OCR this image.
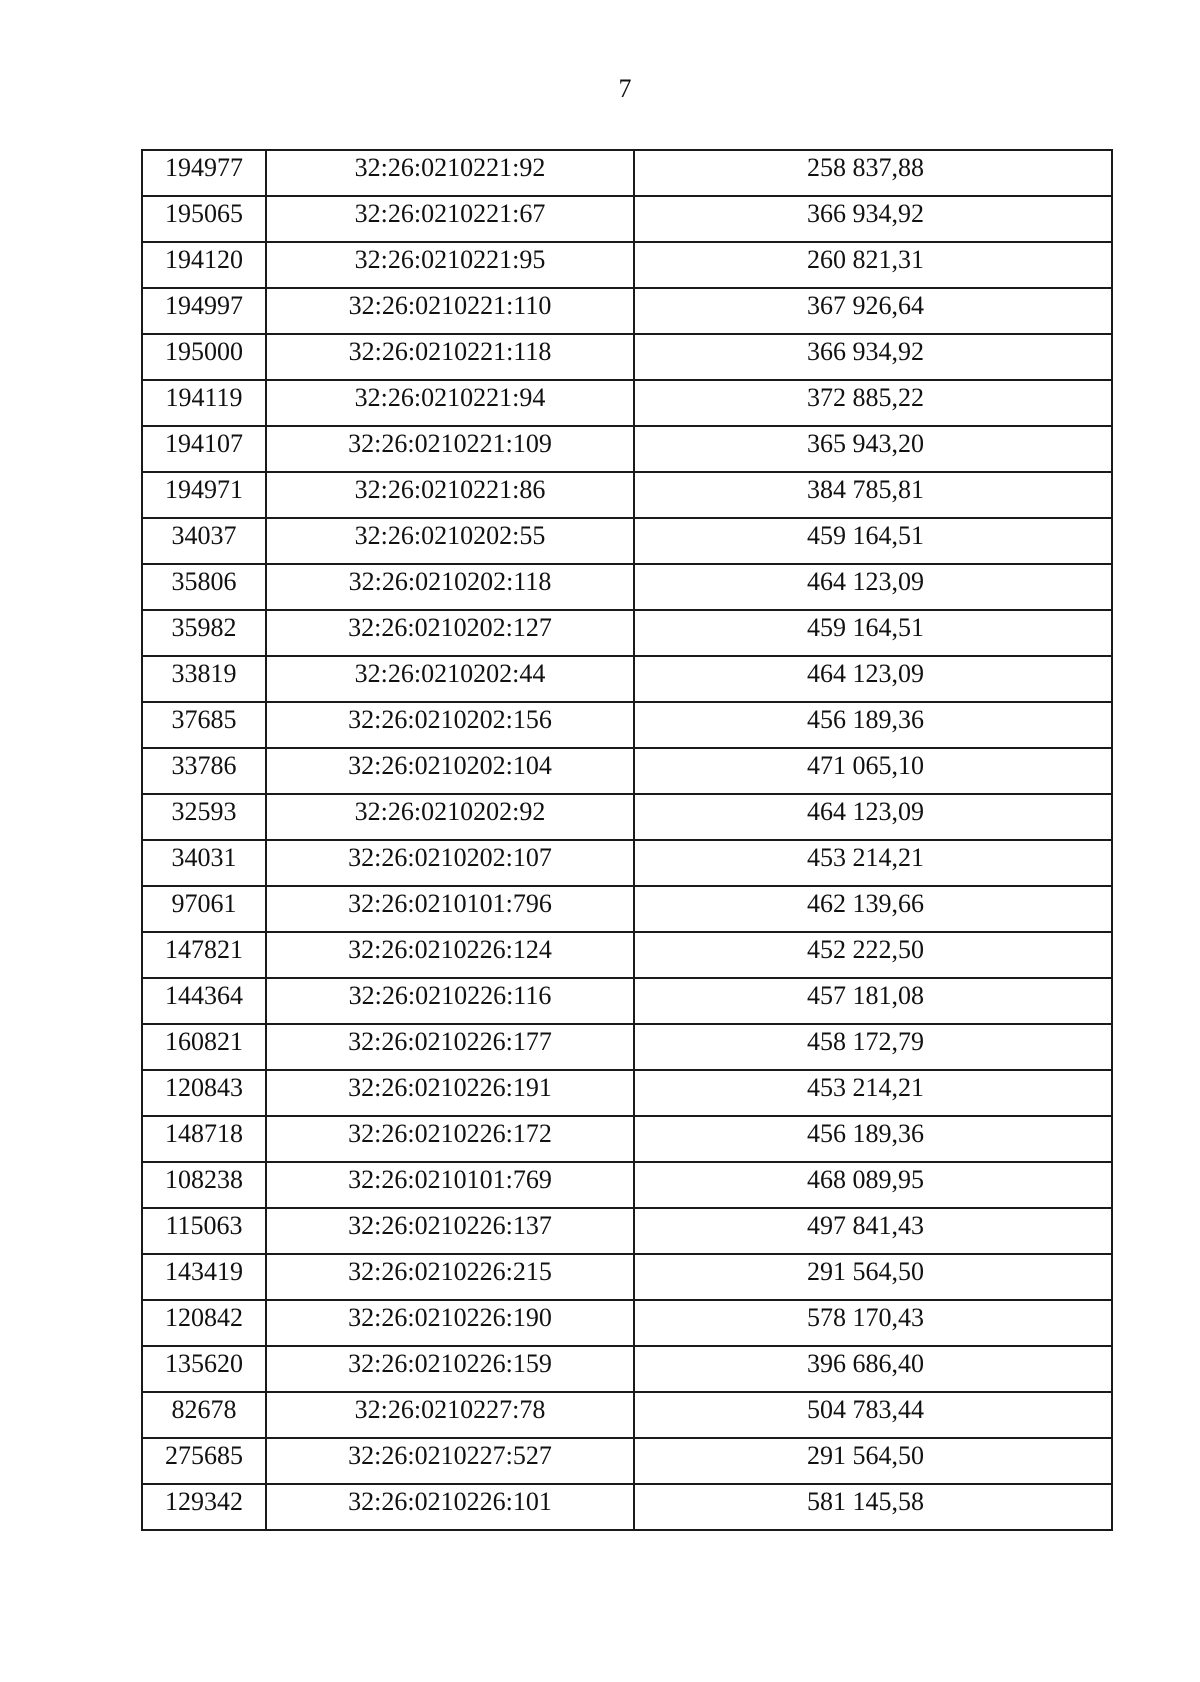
7
194977	32:26:0210221:92	258 837,88
195065	32:26:0210221:67	366 934,92
194120	32:26:0210221:95	260 821,31
194997	32:26:0210221:110	367 926,64
195000	32:26:0210221:118	366 934,92
194119	32:26:0210221:94	372 885,22
194107	32:26:0210221:109	365 943,20
194971	32:26:0210221:86	384 785,81
34037	32:26:0210202:55	459 164,51
35806	32:26:0210202:118	464 123,09
35982	32:26:0210202:127	459 164,51
33819	32:26:0210202:44	464 123,09
37685	32:26:0210202:156	456 189,36
33786	32:26:0210202:104	471 065,10
32593	32:26:0210202:92	464 123,09
34031	32:26:0210202:107	453 214,21
97061	32:26:0210101:796	462 139,66
147821	32:26:0210226:124	452 222,50
144364	32:26:0210226:116	457 181,08
160821	32:26:0210226:177	458 172,79
120843	32:26:0210226:191	453 214,21
148718	32:26:0210226:172	456 189,36
108238	32:26:0210101:769	468 089,95
115063	32:26:0210226:137	497 841,43
143419	32:26:0210226:215	291 564,50
120842	32:26:0210226:190	578 170,43
135620	32:26:0210226:159	396 686,40
82678	32:26:0210227:78	504 783,44
275685	32:26:0210227:527	291 564,50
129342	32:26:0210226:101	581 145,58
